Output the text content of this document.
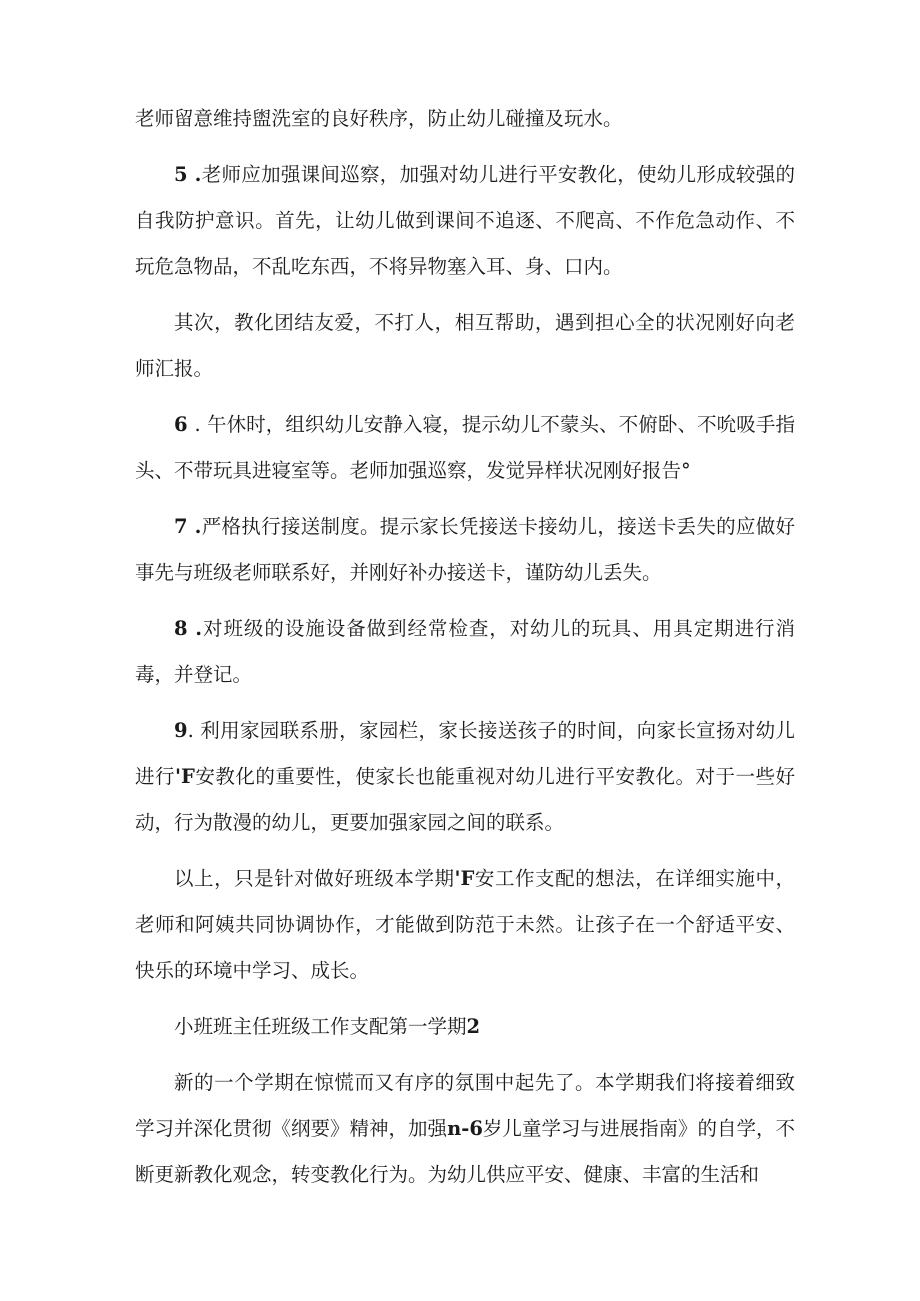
老师留意维持盥洗室的良好秩序，防止幼儿碰撞及玩水。

5 .老师应加强课间巡察，加强对幼儿进行平安教化，使幼儿形成较强的自我防护意识。首先，让幼儿做到课间不追逐、不爬高、不作危急动作、不玩危急物品，不乱吃东西，不将异物塞入耳、身、口内。

其次，教化团结友爱，不打人，相互帮助，遇到担心全的状况刚好向老师汇报。

6 . 午休时，组织幼儿安静入寝，提示幼儿不蒙头、不俯卧、不吮吸手指头、不带玩具进寝室等。老师加强巡察，发觉异样状况刚好报告°

7 .严格执行接送制度。提示家长凭接送卡接幼儿，接送卡丢失的应做好事先与班级老师联系好，并刚好补办接送卡，谨防幼儿丢失。

8 .对班级的设施设备做到经常检查，对幼儿的玩具、用具定期进行消毒，并登记。

9. 利用家园联系册，家园栏，家长接送孩子的时间，向家长宣扬对幼儿进行'F安教化的重要性，使家长也能重视对幼儿进行平安教化。对于一些好动，行为散漫的幼儿，更要加强家园之间的联系。

以上，只是针对做好班级本学期'F安工作支配的想法，在详细实施中，老师和阿姨共同协调协作，才能做到防范于未然。让孩子在一个舒适平安、快乐的环境中学习、成长。

小班班主任班级工作支配第一学期2

新的一个学期在惊慌而又有序的氛围中起先了。本学期我们将接着细致学习并深化贯彻《纲要》精神，加强n-6岁儿童学习与进展指南》的自学，不断更新教化观念，转变教化行为。为幼儿供应平安、健康、丰富的生活和
